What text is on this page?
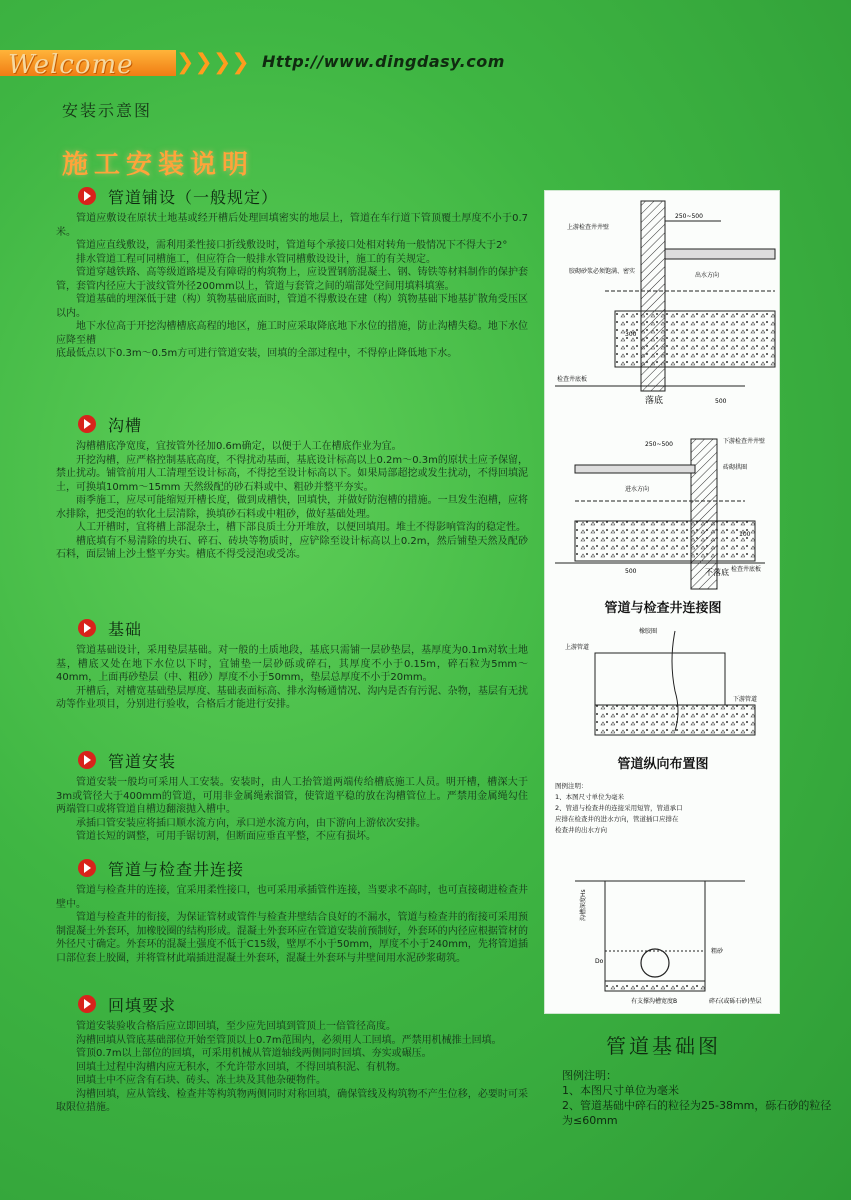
Welcome ❯❯❯❯ Http://www.dingdasy.com
安装示意图
施工安装说明
管道铺设（一般规定）

管道应敷设在原状土地基或经开槽后处理回填密实的地层上，管道在车行道下管顶覆土厚度不小于0.7米。

管道应直线敷设，需利用柔性接口折线敷设时，管道每个承接口处相对转角一般情况下不得大于2°

排水管道工程可同槽施工，但应符合一般排水管同槽敷设设计，施工的有关规定。

管道穿越铁路、高等级道路堤及有障碍的构筑物上，应设置钢筋混凝土、钢、铸铁等材料制作的保护套管，套管内径应大于波纹管外径200mm以上，管道与套管之间的端部处空间用填料填塞。

管道基础的埋深低于建（构）筑物基础底面时，管道不得敷设在建（构）筑物基础下地基扩散角受压区以内。

地下水位高于开挖沟槽槽底高程的地区，施工时应采取降底地下水位的措施，防止沟槽失稳。地下水位应降至槽

底最低点以下0.3m～0.5m方可进行管道安装，回填的全部过程中，不得停止降低地下水。

沟槽

沟槽槽底净宽度，宜按管外径加0.6m确定，以便于人工在槽底作业为宜。

开挖沟槽，应严格控制基底高度，不得扰动基面，基底设计标高以上0.2m～0.3m的原状土应予保留，禁止扰动。铺管前用人工清理至设计标高，不得挖至设计标高以下。如果局部超挖或发生扰动，不得回填泥土，可换填10mm～15mm 天然级配的砂石料或中、粗砂并整平夯实。

雨季施工，应尽可能缩短开槽长度，做到成槽快，回填快，并做好防泡槽的措施。一旦发生泡槽，应将水排除，把受泡的软化土层清除，换填砂石料或中粗砂，做好基础处理。

人工开槽时，宜将槽上部混杂土，槽下部良质土分开堆放，以便回填用。堆土不得影响管沟的稳定性。

槽底填有不易清除的块石、碎石、砖块等物质时，应铲除至设计标高以上0.2m，然后铺垫天然及配砂石料，面层铺上沙土整平夯实。槽底不得受浸泡或受冻。

基础

管道基础设计，采用垫层基础。对一般的土质地段，基底只需铺一层砂垫层，基厚度为0.1m对软土地基，槽底又处在地下水位以下时，宜铺垫一层砂砾或碎石，其厚度不小于0.15m，碎石粒为5mm～40mm，上面再砂垫层（中、粗砂）厚度不小于50mm，垫层总厚度不小于20mm。

开槽后，对槽宽基础垫层厚度、基础表面标高、排水沟畅通情况、沟内是否有污泥、杂物，基层有无扰动等作业项目，分别进行验收，合格后才能进行安排。

管道安装

管道安装一般均可采用人工安装。安装时，由人工抬管道两端传给槽底施工人员。明开槽，槽深大于3m或管径大于400mm的管道，可用非金属绳索溜管，使管道平稳的放在沟槽管位上。严禁用金属绳勾住两端管口或将管道自槽边翻滚抛入槽中。

承插口管安装应将插口顺水流方向，承口逆水流方向，由下游向上游依次安排。

管道长短的调整，可用手锯切割，但断面应垂直平整，不应有损坏。

管道与检查井连接

管道与检查井的连接，宜采用柔性接口，也可采用承插管件连接，当要求不高时，也可直接砌进检查井壁中。

管道与检查井的衔接，为保证管材或管件与检查井壁结合良好的不漏水，管道与检查井的衔接可采用预制混凝土外套环，加橡胶圈的结构形成。混凝土外套环应在管道安装前预制好，外套环的内径应根据管材的外径尺寸确定。外套环的混凝土强度不低于C15级，壁厚不小于50mm，厚度不小于240mm，先将管道插口部位套上胶圈，并将管材此端插进混凝土外套环，混凝土外套环与井壁间用水泥砂浆砌筑。

回填要求

管道安装验收合格后应立即回填，至少应先回填到管顶上一倍管径高度。

沟槽回填从管底基础部位开始至管顶以上0.7m范围内，必须用人工回填。严禁用机械推土回填。

管顶0.7m以上部位的回填，可采用机械从管道轴线两侧同时回填、夯实或碾压。

回填土过程中沟槽内应无积水，不允许带水回填，不得回填积泥、有机物。

回填土中不应含有石块、砖头、冻土块及其他杂硬物件。

沟槽回填，应从管线、检查井等构筑物两侧同时对称回填，确保管线及构筑物不产生位移，必要时可采取限位措施。

250~500
上游检查井井壁
胶砌砂浆必须饱满、密实
出水方向
300
检查井底板
落底	500
250~500	下游检查井井壁
砖砌拱圈
进水方向
100
500	不落底 检查井底板
橡胶圈
上游管道
下游管道
沟槽深度Hs
Do
粗砂
有支撑沟槽宽度B	碎石(或砾石砂)垫层
管道与检查井连接图
管道纵向布置图
图例注明：
1、本图尺寸单位为毫米
2、管道与检查井的连接采用短管，管道承口
应排在检查井的进水方向，管道插口应排在
检查井的出水方向
管道基础图
图例注明：
1、本图尺寸单位为毫米
2、管道基础中碎石的粒径为25-38mm，砾石砂的粒径为≤60mm
